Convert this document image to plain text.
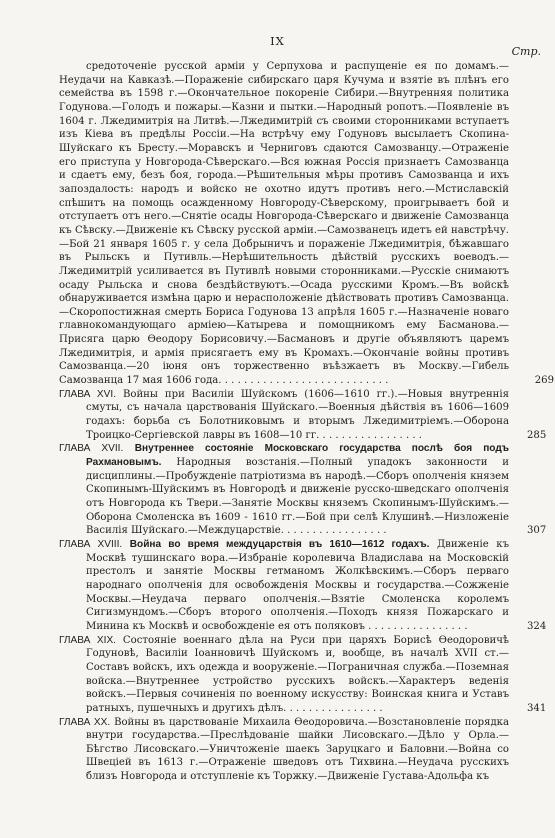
IX
Стр.

средоточеніе русской арміи у Серпухова и распущеніе ея по домамъ.—Неудачи на Кавказѣ.—Пораженіе сибирскаго царя Кучума и взятіе въ плѣнъ его семейства въ 1598 г.—Окончательное покореніе Сибири.—Внутренняя политика Годунова.—Голодъ и пожары.—Казни и пытки.—Народный ропотъ.—Появленіе въ 1604 г. Лжедимитрія на Литвѣ.—Лжедимитрій съ своими сторонниками вступаетъ изъ Кіева въ предѣлы Россіи.—На встрѣчу ему Годуновъ высылаетъ Скопина-Шуйскаго къ Бресту.—Моравскъ и Черниговъ сдаются Самозванцу.—Отраженіе его приступа у Новгорода-Сѣверскаго.—Вся южная Россія признаетъ Самозванца и сдаетъ ему, безъ боя, города.—Рѣшительныя мѣры противъ Самозванца и ихъ запоздалость: народъ и войско не охотно идутъ противъ него.—Мстиславскій спѣшитъ на помощь осажденному Новгороду-Сѣверскому, проигрываетъ бой и отступаетъ отъ него.—Снятіе осады Новгорода-Сѣверскаго и движеніе Самозванца къ Сѣвску.—Движеніе къ Сѣвску русской арміи.—Самозванецъ идетъ ей навстрѣчу.—Бой 21 января 1605 г. у села Добрыничъ и пораженіе Лжедимитрія, бѣжавшаго въ Рыльскъ и Путивль.—Нерѣшительность дѣйствій русскихъ воеводъ.—Лжедимитрій усиливается въ Путивлѣ новыми сторонниками.—Русскіе снимаютъ осаду Рыльска и снова бездѣйствуютъ.—Осада русскими Кромъ.—Въ войскѣ обнаруживается измѣна царю и нерасположеніе дѣйствовать противъ Самозванца.—Скоропостижная смерть Бориса Годунова 13 апрѣля 1605 г.—Назначеніе новаго главнокомандующаго арміею—Катырева и помощникомъ ему Басманова.—Присяга царю Ѳеодору Борисовичу.—Басмановъ и другіе объявляютъ царемъ Лжедимитрія, и армія присягаетъ ему въ Кромахъ.—Окончаніе войны противъ Самозванца.—20 іюня онъ торжественно въѣзжаетъ въ Москву.—Гибель Самозванца 17 мая 1606 года. . . . . . . . . . . . . . . . . . . . . . . . . . .	269

ГЛАВА XVI. Войны при Василіи Шуйскомъ (1606—1610 гг.).—Новыя внутреннія смуты, съ начала царствованія Шуйскаго.—Военныя дѣйствія въ 1606—1609 годахъ: борьба съ Болотниковымъ и вторымъ Лжедимитріемъ.—Оборона Троицко-Сергіевской лавры въ 1608—10 гг. . . . . . . . . . . . . . . . .	285

ГЛАВА XVII. Внутреннее состояніе Московскаго государства послѣ боя подъ Рахмановымъ. Народныя возстанія.—Полный упадокъ законности и дисциплины.—Пробужденіе патріотизма въ народѣ.—Сборъ ополченія князем Скопинымъ-Шуйскимъ въ Новгородѣ и движеніе русско-шведскаго ополченія отъ Новгорода къ Твери.—Занятіе Москвы княземъ Скопинымъ-Шуйскимъ.—Оборона Смоленска въ 1609 - 1610 гг.—Бой при селѣ Клушинѣ.—Низложеніе Василія Шуйскаго.—Междуцарствіе. . . . . . . . . . . . . . . . .	307

ГЛАВА XVIII. Война во время междуцарствія въ 1610—1612 годахъ. Движеніе къ Москвѣ тушинскаго вора.—Избраніе королевича Владислава на Московскій престолъ и занятіе Москвы гетманомъ Жолкѣвскимъ.—Сборъ перваго народнаго ополченія для освобожденія Москвы и государства.—Сожженіе Москвы.—Неудача перваго ополченія.—Взятіе Смоленска королемъ Сигизмундомъ.—Сборъ второго ополченія.—Походъ князя Пожарскаго и Минина къ Москвѣ и освобожденіе ея отъ поляковъ . . . . . . . . . . . . . . . .	324

ГЛАВА XIX. Состояніе военнаго дѣла на Руси при царяхъ Борисѣ Ѳеодоровичѣ Годуновѣ, Василіи Іоанновичѣ Шуйскомъ и, вообще, въ началѣ XVII ст.—Составъ войскъ, ихъ одежда и вооруженіе.—Пограничная служба.—Поземная войска.—Внутреннее устройство русскихъ войскъ.—Характеръ веденія войскъ.—Первыя сочиненія по военному искусству: Воинская книга и Уставъ ратныхъ, пушечныхъ и другихъ дѣлъ. . . . . . . . . . . . . . . .	341

ГЛАВА XX. Войны въ царствованіе Михаила Ѳеодоровича.—Возстановленіе порядка внутри государства.—Преслѣдованіе шайки Лисовскаго.—Дѣло у Орла.—Бѣгство Лисовскаго.—Уничтоженіе шаекъ Заруцкаго и Баловни.—Война со Швеціей въ 1613 г.—Отраженіе шведовъ отъ Тихвина.—Неудача русскихъ близъ Новгорода и отступленіе къ Торжку.—Движеніе Густава-Адольфа къ
